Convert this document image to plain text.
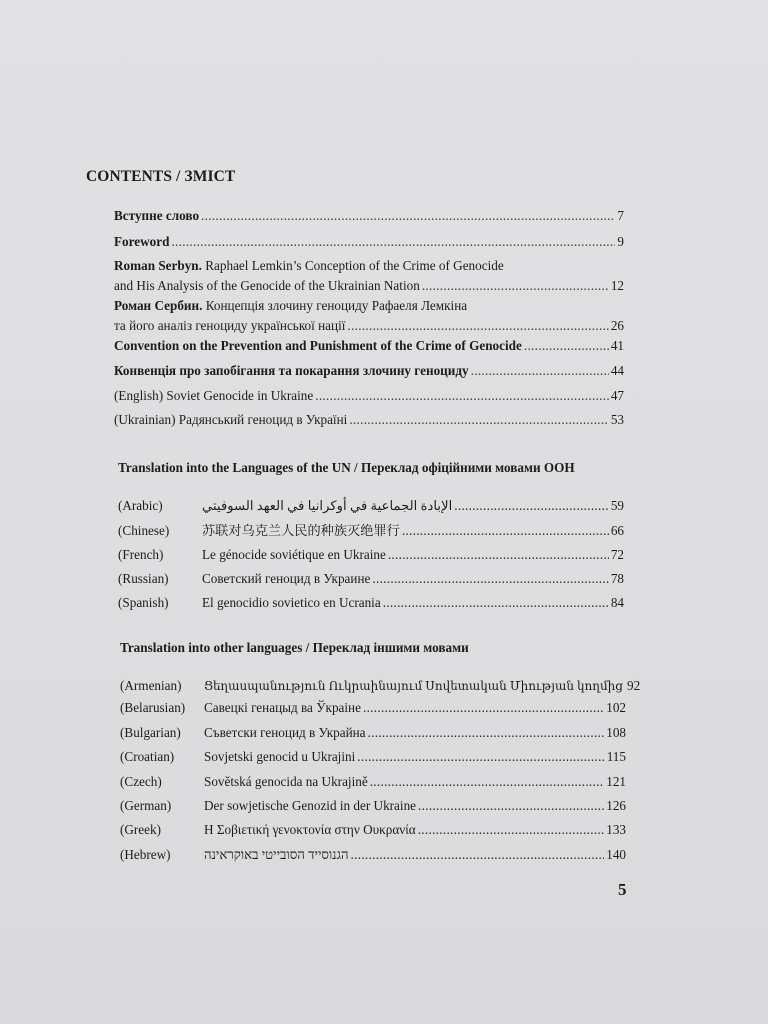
CONTENTS / ЗМІСТ
Вступне слово . . .	7
Foreword . . .	9
Roman Serbyn. Raphael Lemkin’s Conception of the Crime of Genocide
and His Analysis of the Genocide of the Ukrainian Nation . . .	12
Роман Сербин. Концепція злочину геноциду Рафаеля Лемкіна
та його аналіз геноциду української нації . . .	26
Convention on the Prevention and Punishment of the Crime of Genocide . . .	41
Конвенція про запобігання та покарання злочину геноциду . . .	44
(English) Soviet Genocide in Ukraine . . .	47
(Ukrainian) Радянський геноцид в Україні . . .	53
Translation into the Languages of the UN / Переклад офіційними мовами ООН
(Arabic)	الإبادة الجماعية في أوكرانيا في العهد السوفيتي . . .	59
(Chinese)	苏联对乌克兰人民的种族灭绝罪行 . . .	66
(French)	Le génocide soviétique en Ukraine . . .	72
(Russian)	Советский геноцид в Украине . . .	78
(Spanish)	El genocidio sovietico en Ucrania . . .	84
Translation into other languages / Переклад іншими мовами
(Armenian)	Ցեղասպանություն Ուկրաինայում Սովետական Միության կողմից 92
(Belarusian)	Савецкі генацыд ва Ўкраіне . . .	102
(Bulgarian)	Съветски геноцид в Украйна . . .	108
(Croatian)	Sovjetski genocid u Ukrajini . . .	115
(Czech)	Sovětská genocida na Ukrajině . . .	121
(German)	Der sowjetische Genozid in der Ukraine . . .	126
(Greek)	Η Σοβιετική γενοκτονία στην Ουκρανία . . .	133
(Hebrew)	הגנוסייד הסובייטי באוקראינה . . .	140
5
